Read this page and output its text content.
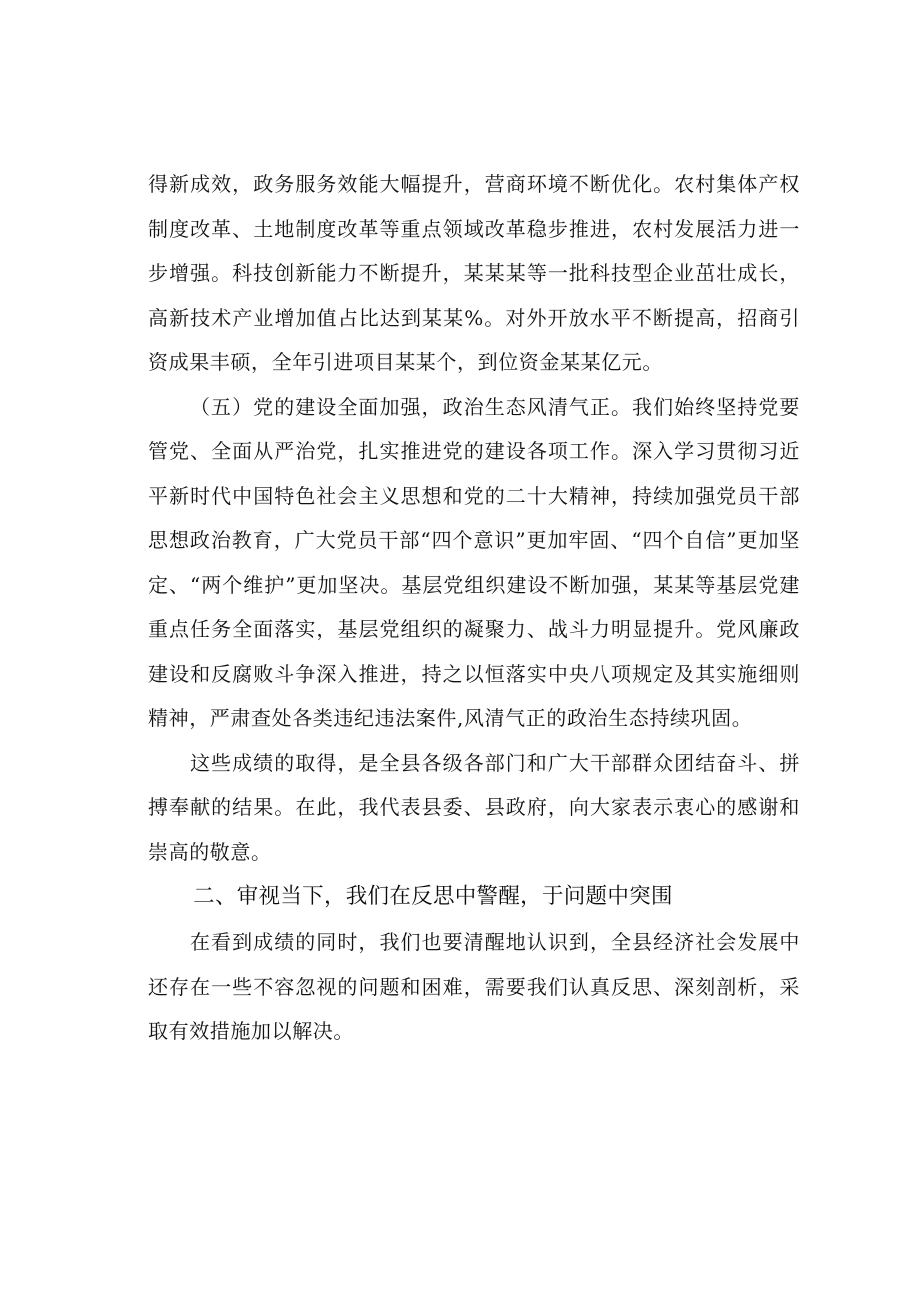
得新成效，政务服务效能大幅提升，营商环境不断优化。农村集体产权制度改革、土地制度改革等重点领域改革稳步推进，农村发展活力进一步增强。科技创新能力不断提升，某某某等一批科技型企业茁壮成长，高新技术产业增加值占比达到某某%。对外开放水平不断提高，招商引资成果丰硕，全年引进项目某某个，到位资金某某亿元。

（五）党的建设全面加强，政治生态风清气正。我们始终坚持党要管党、全面从严治党，扎实推进党的建设各项工作。深入学习贯彻习近平新时代中国特色社会主义思想和党的二十大精神，持续加强党员干部思想政治教育，广大党员干部“四个意识”更加牢固、“四个自信”更加坚定、“两个维护”更加坚决。基层党组织建设不断加强，某某等基层党建重点任务全面落实，基层党组织的凝聚力、战斗力明显提升。党风廉政建设和反腐败斗争深入推进，持之以恒落实中央八项规定及其实施细则精神，严肃查处各类违纪违法案件,风清气正的政治生态持续巩固。

这些成绩的取得，是全县各级各部门和广大干部群众团结奋斗、拼搏奉献的结果。在此，我代表县委、县政府，向大家表示衷心的感谢和崇高的敬意。

二、审视当下，我们在反思中警醒，于问题中突围

在看到成绩的同时，我们也要清醒地认识到，全县经济社会发展中还存在一些不容忽视的问题和困难，需要我们认真反思、深刻剖析，采取有效措施加以解决。
